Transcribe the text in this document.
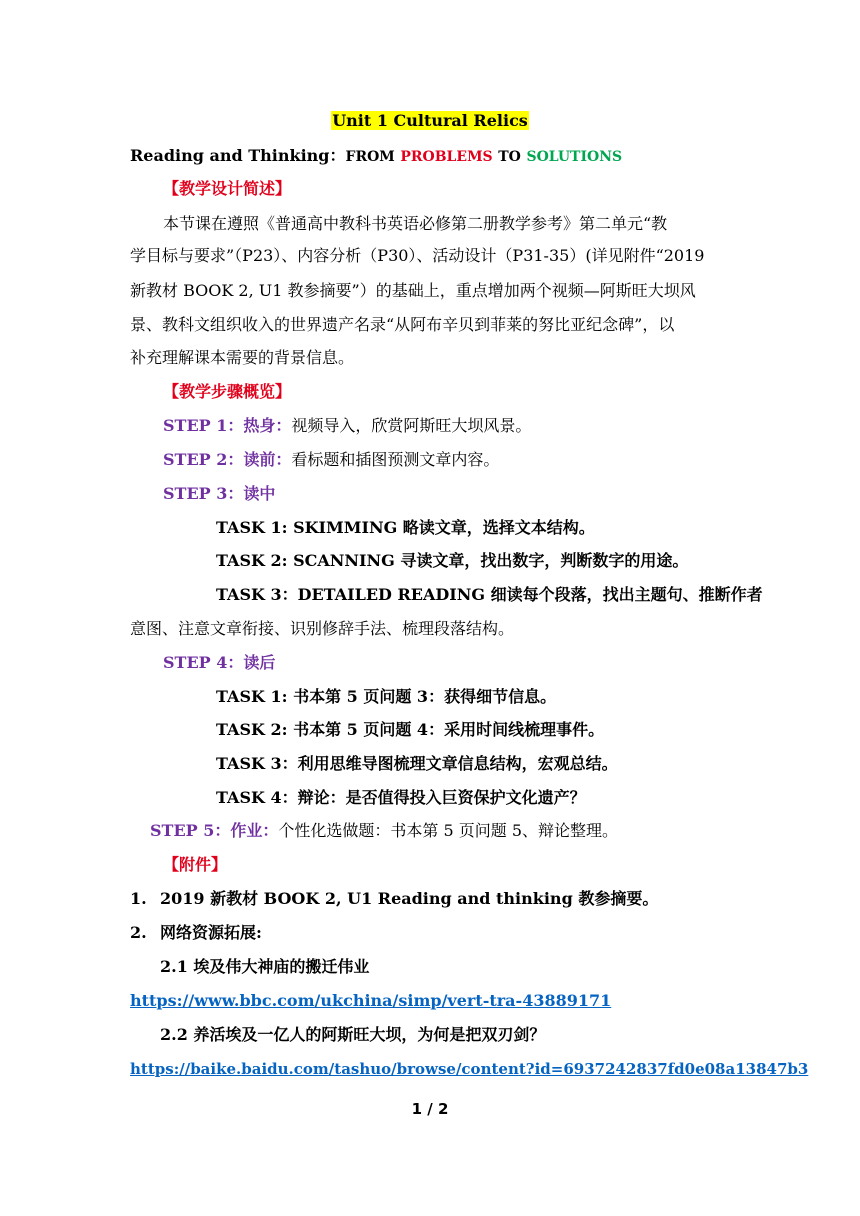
Unit 1 Cultural Relics
Reading and Thinking：FROM PROBLEMS TO SOLUTIONS
【教学设计简述】
本节课在遵照《普通高中教科书英语必修第二册教学参考》第二单元“教
学目标与要求”（P23）、内容分析（P30）、活动设计（P31-35）(详见附件“2019
新教材 BOOK 2, U1 教参摘要”）的基础上，重点增加两个视频—阿斯旺大坝风
景、教科文组织收入的世界遗产名录“从阿布辛贝到菲莱的努比亚纪念碑”，以
补充理解课本需要的背景信息。
【教学步骤概览】
STEP 1：热身：视频导入，欣赏阿斯旺大坝风景。
STEP 2：读前：看标题和插图预测文章内容。
STEP 3：读中
TASK 1: SKIMMING 略读文章，选择文本结构。
TASK 2: SCANNING 寻读文章，找出数字，判断数字的用途。
TASK 3：DETAILED READING 细读每个段落，找出主题句、推断作者
意图、注意文章衔接、识别修辞手法、梳理段落结构。
STEP 4：读后
TASK 1: 书本第 5 页问题 3：获得细节信息。
TASK 2: 书本第 5 页问题 4：采用时间线梳理事件。
TASK 3：利用思维导图梳理文章信息结构，宏观总结。
TASK 4：辩论：是否值得投入巨资保护文化遗产？
STEP 5：作业：个性化选做题：书本第 5 页问题 5、辩论整理。
【附件】
1. 2019 新教材 BOOK 2, U1 Reading and thinking 教参摘要。
2. 网络资源拓展:
2.1 埃及伟大神庙的搬迁伟业
https://www.bbc.com/ukchina/simp/vert-tra-43889171
2.2 养活埃及一亿人的阿斯旺大坝，为何是把双刃剑？
https://baike.baidu.com/tashuo/browse/content?id=6937242837fd0e08a13847b3
1 / 2
